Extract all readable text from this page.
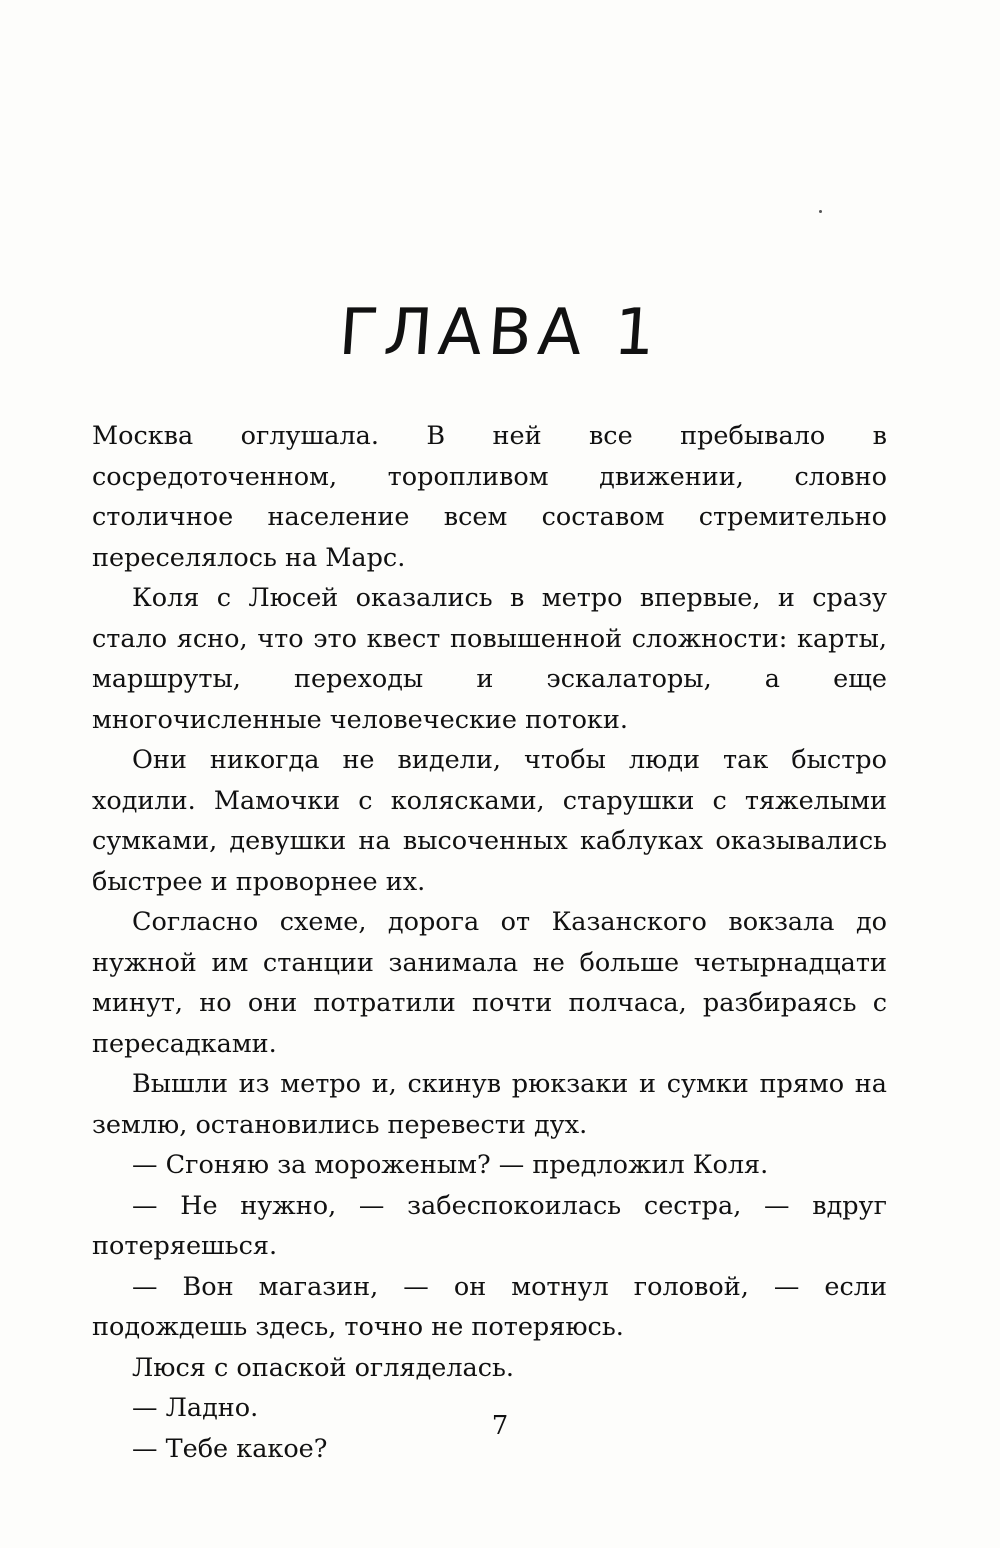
ГЛАВА 1

Москва оглушала. В ней все пребывало в сосредоточенном, торопливом движении, словно столичное население всем составом стремительно переселялось на Марс.

Коля с Люсей оказались в метро впервые, и сразу стало ясно, что это квест повышенной сложности: карты, маршруты, переходы и эскалаторы, а еще многочисленные человеческие потоки.

Они никогда не видели, чтобы люди так быстро ходили. Мамочки с колясками, старушки с тяжелыми сумками, девушки на высоченных каблуках оказывались быстрее и проворнее их.

Согласно схеме, дорога от Казанского вокзала до нужной им станции занимала не больше четырнадцати минут, но они потратили почти полчаса, разбираясь с пересадками.

Вышли из метро и, скинув рюкзаки и сумки прямо на землю, остановились перевести дух.

— Сгоняю за мороженым? — предложил Коля.

— Не нужно, — забеспокоилась сестра, — вдруг потеряешься.

— Вон магазин, — он мотнул головой, — если подождешь здесь, точно не потеряюсь.

Люся с опаской огляделась.

— Ладно.

— Тебе какое?

7
